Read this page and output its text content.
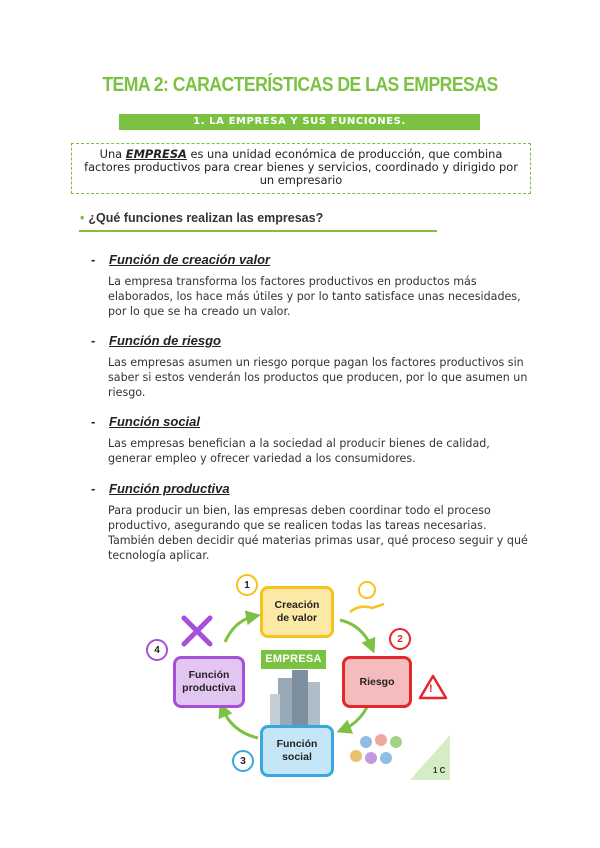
TEMA 2: CARACTERÍSTICAS DE LAS EMPRESAS
1. LA EMPRESA Y SUS FUNCIONES.
Una EMPRESA es una unidad económica de producción, que combina factores productivos para crear bienes y servicios, coordinado y dirigido por un empresario
• ¿Qué funciones realizan las empresas?
- Función de creación valor
La empresa transforma los factores productivos en productos más elaborados, los hace más útiles y por lo tanto satisface unas necesidades, por lo que se ha creado un valor.
- Función de riesgo
Las empresas asumen un riesgo porque pagan los factores productivos sin saber si estos venderán los productos que producen, por lo que asumen un riesgo.
- Función social
Las empresas benefician a la sociedad al producir bienes de calidad, generar empleo y ofrecer variedad a los consumidores.
- Función productiva
Para producir un bien, las empresas deben coordinar todo el proceso productivo, asegurando que se realicen todas las tareas necesarias. También deben decidir qué materias primas usar, qué proceso seguir y qué tecnología aplicar.
Creación
de valor
Riesgo
Función
social
Función
productiva
EMPRESA
1
2
3
4
!
1 C
